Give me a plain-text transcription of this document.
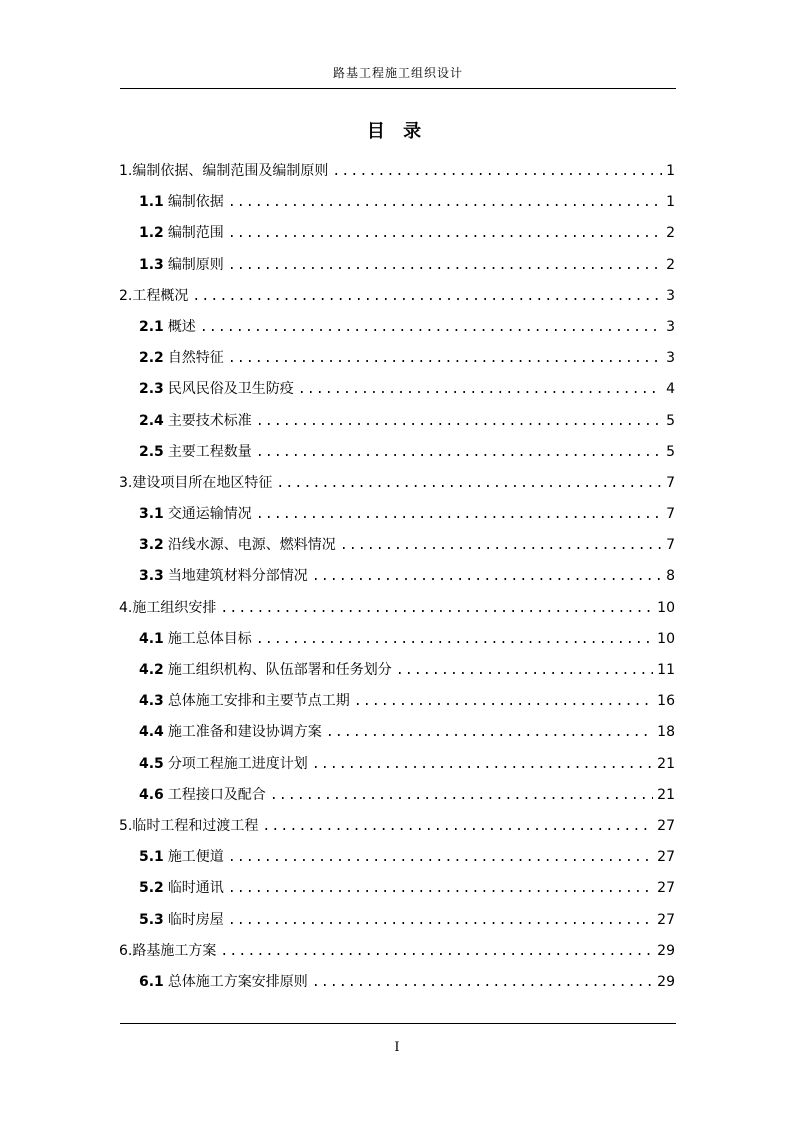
路基工程施工组织设计
目 录
1. 编制依据、编制范围及编制原则 .....	1
1.1 编制依据 .....	1
1.2 编制范围 .....	2
1.3 编制原则 .....	2
2. 工程概况 .....	3
2.1 概述 .....	3
2.2 自然特征 .....	3
2.3 民风民俗及卫生防疫 .....	4
2.4 主要技术标准 .....	5
2.5 主要工程数量 .....	5
3. 建设项目所在地区特征 .....	7
3.1 交通运输情况 .....	7
3.2 沿线水源、电源、燃料情况 .....	7
3.3 当地建筑材料分部情况 .....	8
4. 施工组织安排 .....	10
4.1 施工总体目标 .....	10
4.2 施工组织机构、队伍部署和任务划分 .....	11
4.3 总体施工安排和主要节点工期 .....	16
4.4 施工准备和建设协调方案 .....	18
4.5 分项工程施工进度计划 .....	21
4.6 工程接口及配合 .....	21
5. 临时工程和过渡工程 .....	27
5.1 施工便道 .....	27
5.2 临时通讯 .....	27
5.3 临时房屋 .....	27
6. 路基施工方案 .....	29
6.1 总体施工方案安排原则 .....	29
I
